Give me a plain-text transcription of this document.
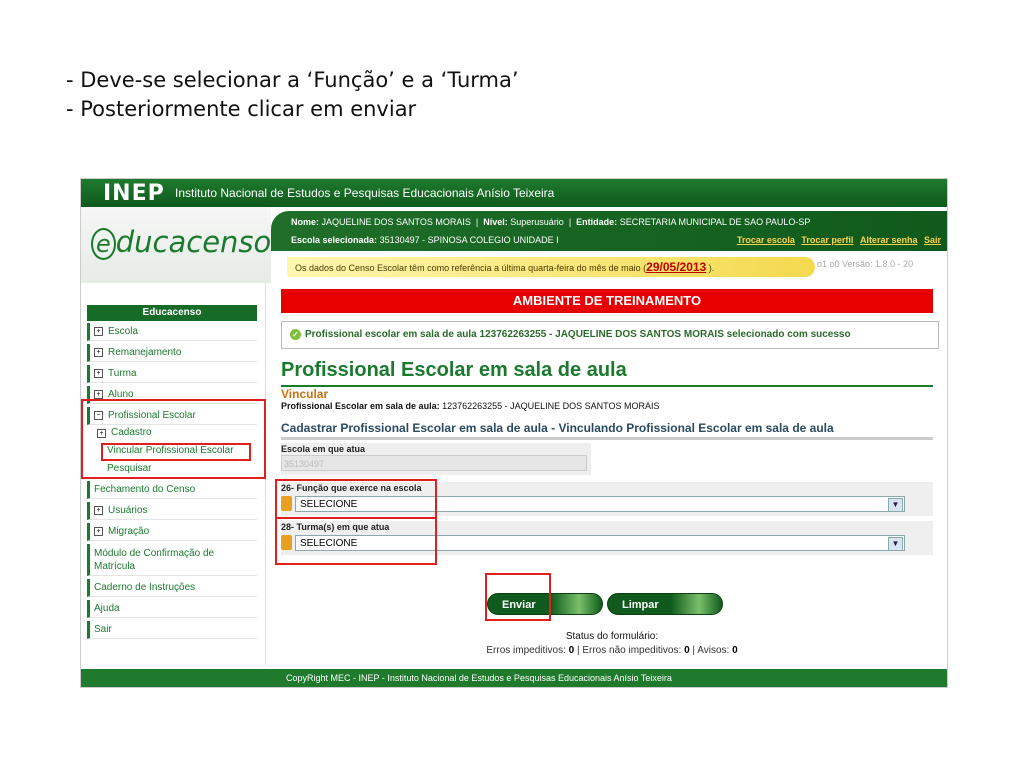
- Deve-se selecionar a ‘Função’ e a ‘Turma’
- Posteriormente clicar em enviar
INEP Instituto Nacional de Estudos e Pesquisas Educacionais Anísio Teixeira
e ducacenso
Nome: JAQUELINE DOS SANTOS MORAIS  |  Nível: Superusuário  |  Entidade: SECRETARIA MUNICIPAL DE SAO PAULO-SP
Escola selecionada: 35130497 - SPINOSA COLEGIO UNIDADE I	Trocar escola Trocar perfil Alterar senha Sair
Os dados do Censo Escolar têm como referência a última quarta-feira do mês de maio (29/05/2013 ).	o1 o0 Versão: 1.8.0 - 20
Educacenso
+ Escola
+ Remanejamento
+ Turma
+ Aluno
− Profissional Escolar
+ Cadastro
Vincular Profissional Escolar
Pesquisar
Fechamento do Censo
+ Usuários
+ Migração
Módulo de Confirmação de Matrícula
Caderno de Instruções
Ajuda
Sair
AMBIENTE DE TREINAMENTO
✓ Profissional escolar em sala de aula 123762263255 - JAQUELINE DOS SANTOS MORAIS selecionado com sucesso
Profissional Escolar em sala de aula
Vincular
Profissional Escolar em sala de aula: 123762263255 - JAQUELINE DOS SANTOS MORAIS
Cadastrar Profissional Escolar em sala de aula - Vinculando Profissional Escolar em sala de aula
Escola em que atua
35130497
26- Função que exerce na escola
SELECIONE	▼
28- Turma(s) em que atua
SELECIONE	▼
Enviar	Limpar
Status do formulário:
Erros impeditivos: 0 | Erros não impeditivos: 0 | Avisos: 0
CopyRight MEC - INEP - Instituto Nacional de Estudos e Pesquisas Educacionais Anísio Teixeira
